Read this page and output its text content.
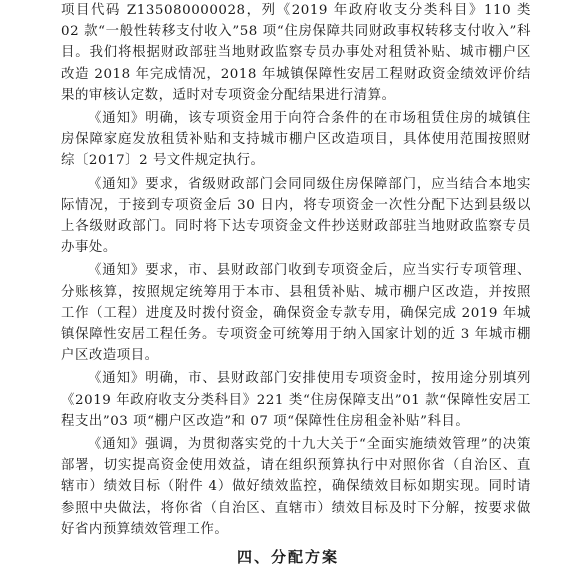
项目代码 Z135080000028，列《2019 年政府收支分类科目》110 类 02 款“一般性转移支付收入”58 项“住房保障共同财政事权转移支付收入”科目。我们将根据财政部驻当地财政监察专员办事处对租赁补贴、城市棚户区改造 2018 年完成情况，2018 年城镇保障性安居工程财政资金绩效评价结果的审核认定数，适时对专项资金分配结果进行清算。

《通知》明确，该专项资金用于向符合条件的在市场租赁住房的城镇住房保障家庭发放租赁补贴和支持城市棚户区改造项目，具体使用范围按照财综〔2017〕2 号文件规定执行。

《通知》要求，省级财政部门会同同级住房保障部门，应当结合本地实际情况，于接到专项资金后 30 日内，将专项资金一次性分配下达到县级以上各级财政部门。同时将下达专项资金文件抄送财政部驻当地财政监察专员办事处。

《通知》要求，市、县财政部门收到专项资金后，应当实行专项管理、分账核算，按照规定统筹用于本市、县租赁补贴、城市棚户区改造，并按照工作（工程）进度及时拨付资金，确保资金专款专用，确保完成 2019 年城镇保障性安居工程任务。专项资金可统筹用于纳入国家计划的近 3 年城市棚户区改造项目。

《通知》明确，市、县财政部门安排使用专项资金时，按用途分别填列《2019 年政府收支分类科目》221 类“住房保障支出”01 款“保障性安居工程支出”03 项“棚户区改造”和 07 项“保障性住房租金补贴”科目。

《通知》强调，为贯彻落实党的十九大关于“全面实施绩效管理”的决策部署，切实提高资金使用效益，请在组织预算执行中对照你省（自治区、直辖市）绩效目标（附件 4）做好绩效监控，确保绩效目标如期实现。同时请参照中央做法，将你省（自治区、直辖市）绩效目标及时下分解，按要求做好省内预算绩效管理工作。

四、分配方案
